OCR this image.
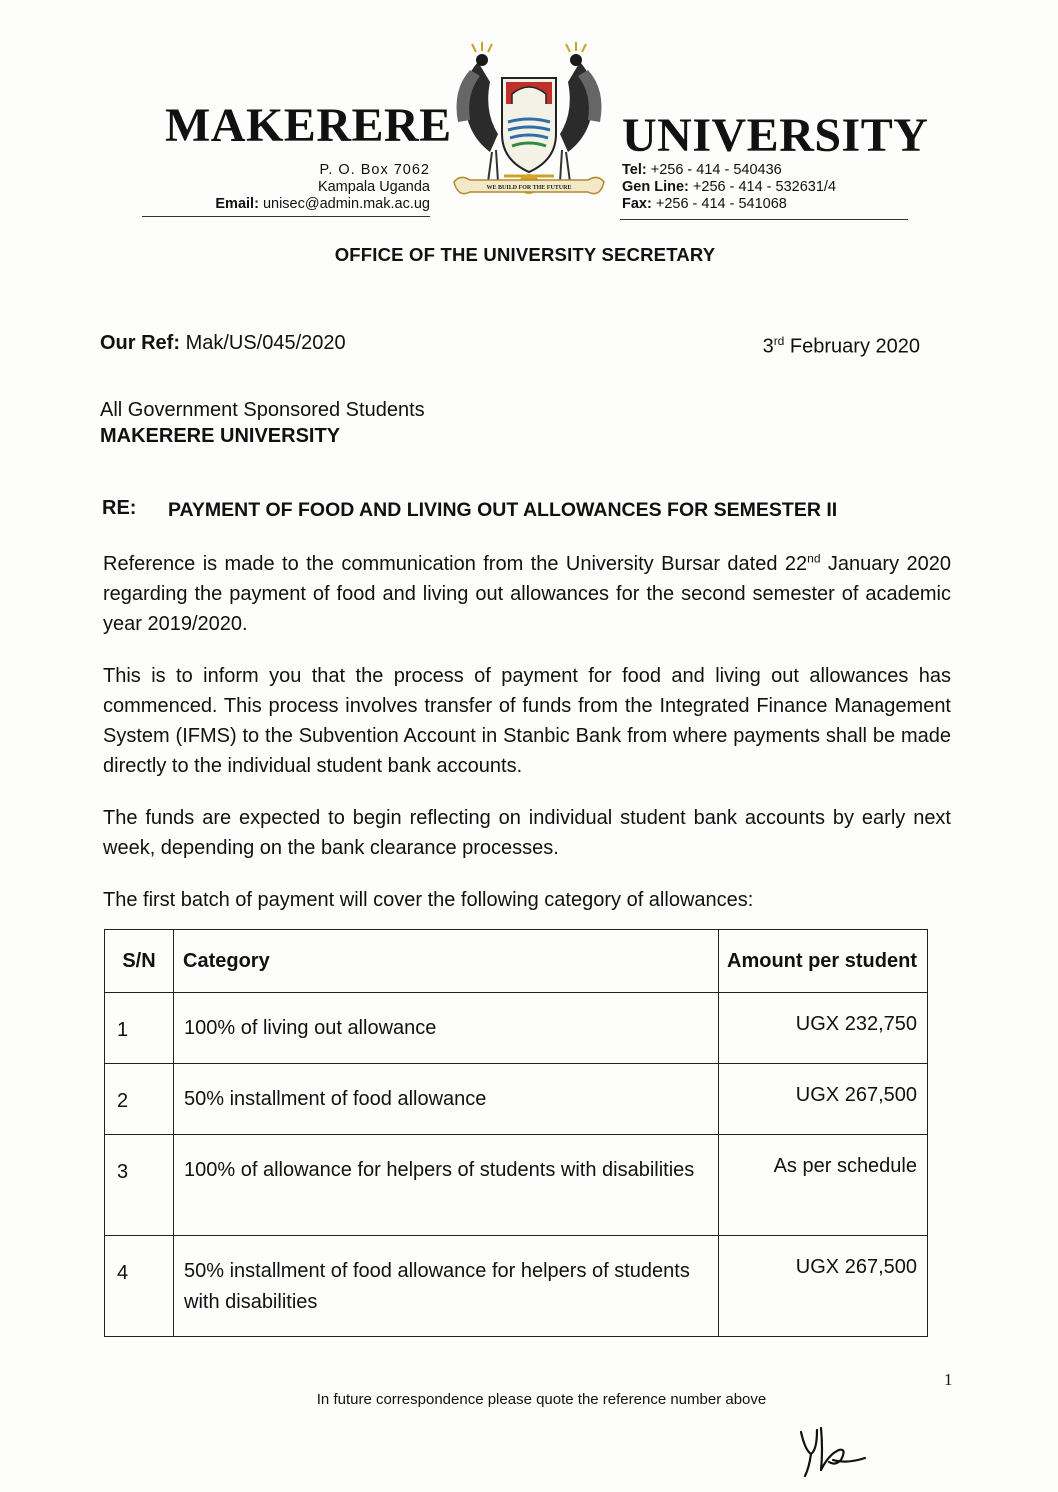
MAKERERE
WE BUILD FOR THE FUTURE
UNIVERSITY
P. O. Box 7062
Kampala Uganda
Email: unisec@admin.mak.ac.ug
Tel: +256 - 414 - 540436
Gen Line: +256 - 414 - 532631/4
Fax: +256 - 414 - 541068
OFFICE OF THE UNIVERSITY SECRETARY
Our Ref: Mak/US/045/2020	3rd February 2020
All Government Sponsored Students
MAKERERE UNIVERSITY
RE: PAYMENT OF FOOD AND LIVING OUT ALLOWANCES FOR SEMESTER II
Reference is made to the communication from the University Bursar dated 22nd January 2020 regarding the payment of food and living out allowances for the second semester of academic year 2019/2020.
This is to inform you that the process of payment for food and living out allowances has commenced. This process involves transfer of funds from the Integrated Finance Management System (IFMS) to the Subvention Account in Stanbic Bank from where payments shall be made directly to the individual student bank accounts.
The funds are expected to begin reflecting on individual student bank accounts by early next week, depending on the bank clearance processes.
The first batch of payment will cover the following category of allowances:
S/N	Category	Amount per student
1	100% of living out allowance	UGX 232,750
2	50% installment of food allowance	UGX 267,500
3	100% of allowance for helpers of students with disabilities	As per schedule
4	50% installment of food allowance for helpers of students with disabilities	UGX 267,500
1
In future correspondence please quote the reference number above
